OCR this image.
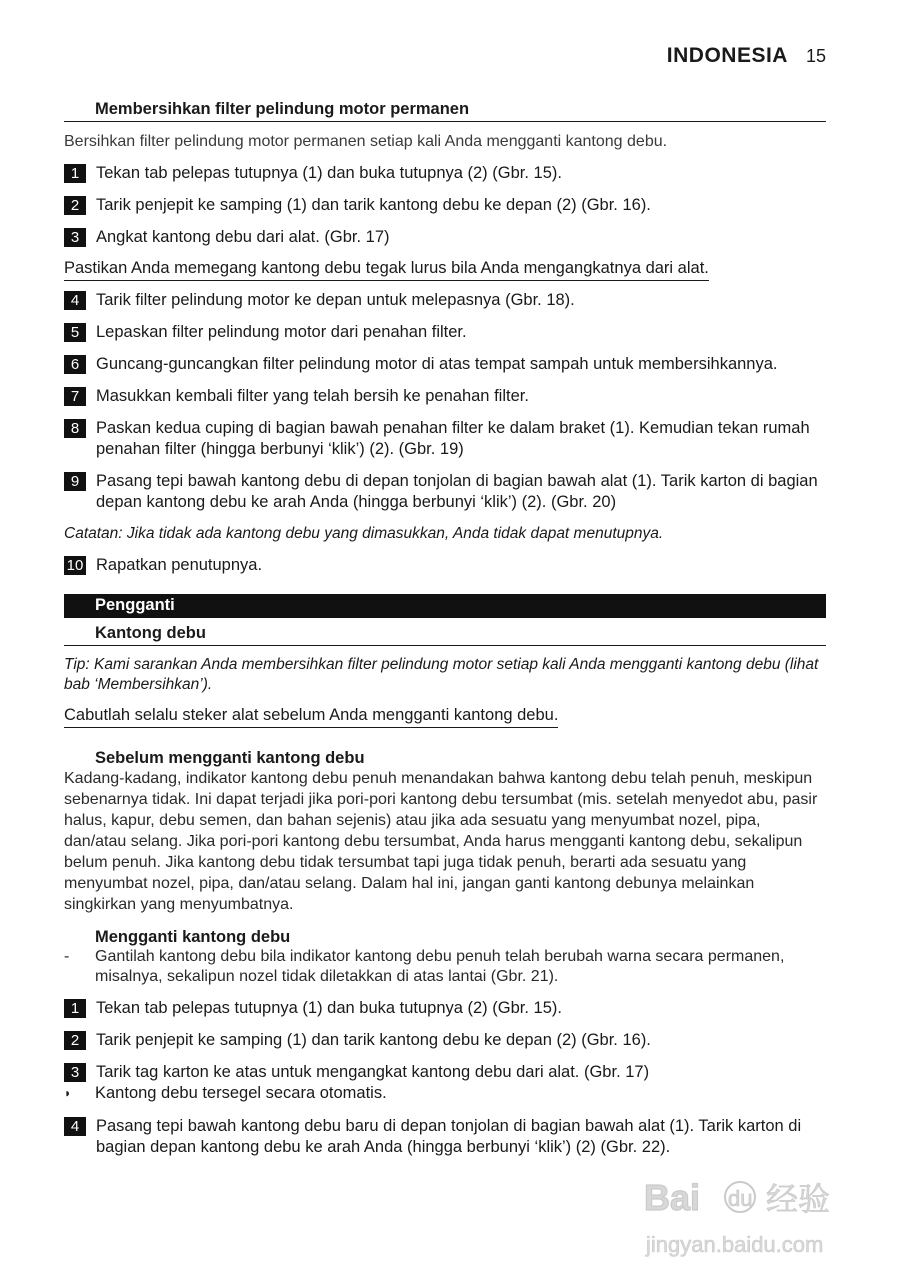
INDONESIA 15
Membersihkan filter pelindung motor permanen
Bersihkan filter pelindung motor permanen setiap kali Anda mengganti kantong debu.
1	Tekan tab pelepas tutupnya (1) dan buka tutupnya (2) (Gbr. 15).
2	Tarik penjepit ke samping (1) dan tarik kantong debu ke depan (2) (Gbr. 16).
3	Angkat kantong debu dari alat. (Gbr. 17)
Pastikan Anda memegang kantong debu tegak lurus bila Anda mengangkatnya dari alat.
4	Tarik filter pelindung motor ke depan untuk melepasnya (Gbr. 18).
5	Lepaskan filter pelindung motor dari penahan filter.
6	Guncang-guncangkan filter pelindung motor di atas tempat sampah untuk membersihkannya.
7	Masukkan kembali filter yang telah bersih ke penahan filter.
8	Paskan kedua cuping di bagian bawah penahan filter ke dalam braket (1). Kemudian tekan rumah penahan filter (hingga berbunyi ‘klik’) (2). (Gbr. 19)
9	Pasang tepi bawah kantong debu di depan tonjolan di bagian bawah alat (1). Tarik karton di bagian depan kantong debu ke arah Anda (hingga berbunyi ‘klik’) (2). (Gbr. 20)
Catatan: Jika tidak ada kantong debu yang dimasukkan, Anda tidak dapat menutupnya.
10 Rapatkan penutupnya.
Pengganti
Kantong debu
Tip: Kami sarankan Anda membersihkan filter pelindung motor setiap kali Anda mengganti kantong debu (lihat bab ‘Membersihkan’).
Cabutlah selalu steker alat sebelum Anda mengganti kantong debu.
Sebelum mengganti kantong debu
Kadang-kadang, indikator kantong debu penuh menandakan bahwa kantong debu telah penuh, meskipun sebenarnya tidak. Ini dapat terjadi jika pori-pori kantong debu tersumbat (mis. setelah menyedot abu, pasir halus, kapur, debu semen, dan bahan sejenis) atau jika ada sesuatu yang menyumbat nozel, pipa, dan/atau selang. Jika pori-pori kantong debu tersumbat, Anda harus mengganti kantong debu, sekalipun belum penuh. Jika kantong debu tidak tersumbat tapi juga tidak penuh, berarti ada sesuatu yang menyumbat nozel, pipa, dan/atau selang. Dalam hal ini, jangan ganti kantong debunya melainkan singkirkan yang menyumbatnya.
Mengganti kantong debu
-	Gantilah kantong debu bila indikator kantong debu penuh telah berubah warna secara permanen, misalnya, sekalipun nozel tidak diletakkan di atas lantai (Gbr. 21).
1	Tekan tab pelepas tutupnya (1) dan buka tutupnya (2) (Gbr. 15).
2	Tarik penjepit ke samping (1) dan tarik kantong debu ke depan (2) (Gbr. 16).
3	Tarik tag karton ke atas untuk mengangkat kantong debu dari alat. (Gbr. 17)
◗	Kantong debu tersegel secara otomatis.
4	Pasang tepi bawah kantong debu baru di depan tonjolan di bagian bawah alat (1). Tarik karton di bagian depan kantong debu ke arah Anda (hingga berbunyi ‘klik’) (2) (Gbr. 22).
Bai du 经验
jingyan.baidu.com
